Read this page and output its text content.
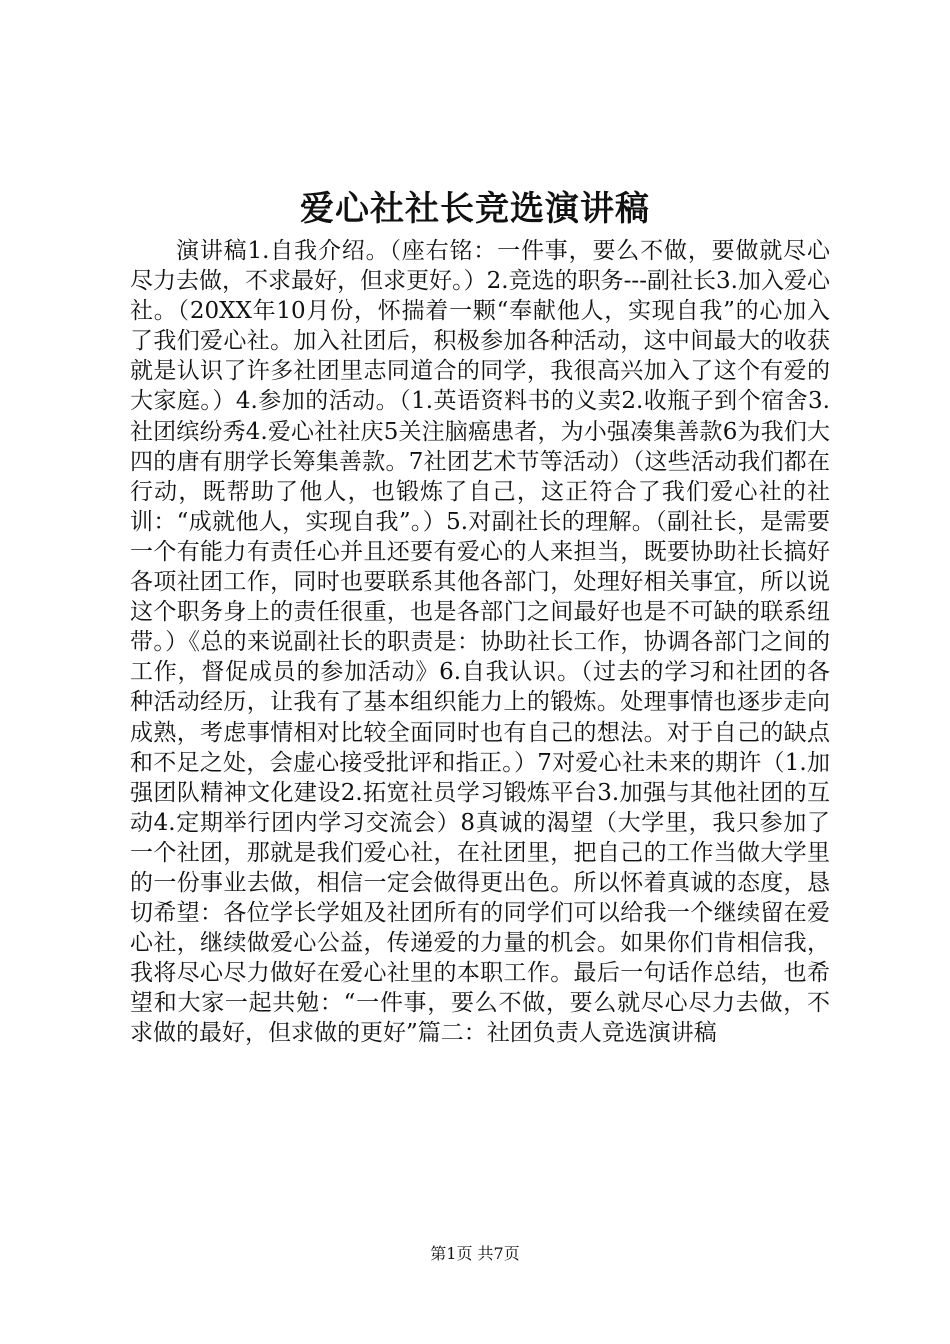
爱心社社长竞选演讲稿

演讲稿1.自我介绍。（座右铭：一件事，要么不做，要做就尽心尽力去做，不求最好，但求更好。）2.竞选的职务---副社长3.加入爱心社。（20XX年10月份，怀揣着一颗“奉献他人，实现自我”的心加入了我们爱心社。加入社团后，积极参加各种活动，这中间最大的收获就是认识了许多社团里志同道合的同学，我很高兴加入了这个有爱的大家庭。）4.参加的活动。（1.英语资料书的义卖2.收瓶子到个宿舍3.社团缤纷秀4.爱心社社庆5关注脑癌患者，为小强凑集善款6为我们大四的唐有朋学长筹集善款。7社团艺术节等活动）（这些活动我们都在行动，既帮助了他人，也锻炼了自己，这正符合了我们爱心社的社训：“成就他人，实现自我”。）5.对副社长的理解。（副社长，是需要一个有能力有责任心并且还要有爱心的人来担当，既要协助社长搞好各项社团工作，同时也要联系其他各部门，处理好相关事宜，所以说这个职务身上的责任很重，也是各部门之间最好也是不可缺的联系纽带。）《总的来说副社长的职责是：协助社长工作，协调各部门之间的工作，督促成员的参加活动》6.自我认识。（过去的学习和社团的各种活动经历，让我有了基本组织能力上的锻炼。处理事情也逐步走向成熟，考虑事情相对比较全面同时也有自己的想法。对于自己的缺点和不足之处，会虚心接受批评和指正。）7对爱心社未来的期许（1.加强团队精神文化建设2.拓宽社员学习锻炼平台3.加强与其他社团的互动4.定期举行团内学习交流会）8真诚的渴望（大学里，我只参加了一个社团，那就是我们爱心社，在社团里，把自己的工作当做大学里的一份事业去做，相信一定会做得更出色。所以怀着真诚的态度，恳切希望：各位学长学姐及社团所有的同学们可以给我一个继续留在爱心社，继续做爱心公益，传递爱的力量的机会。如果你们肯相信我，我将尽心尽力做好在爱心社里的本职工作。最后一句话作总结，也希望和大家一起共勉：“一件事，要么不做，要么就尽心尽力去做，不求做的最好，但求做的更好”篇二：社团负责人竞选演讲稿

第1页 共7页
